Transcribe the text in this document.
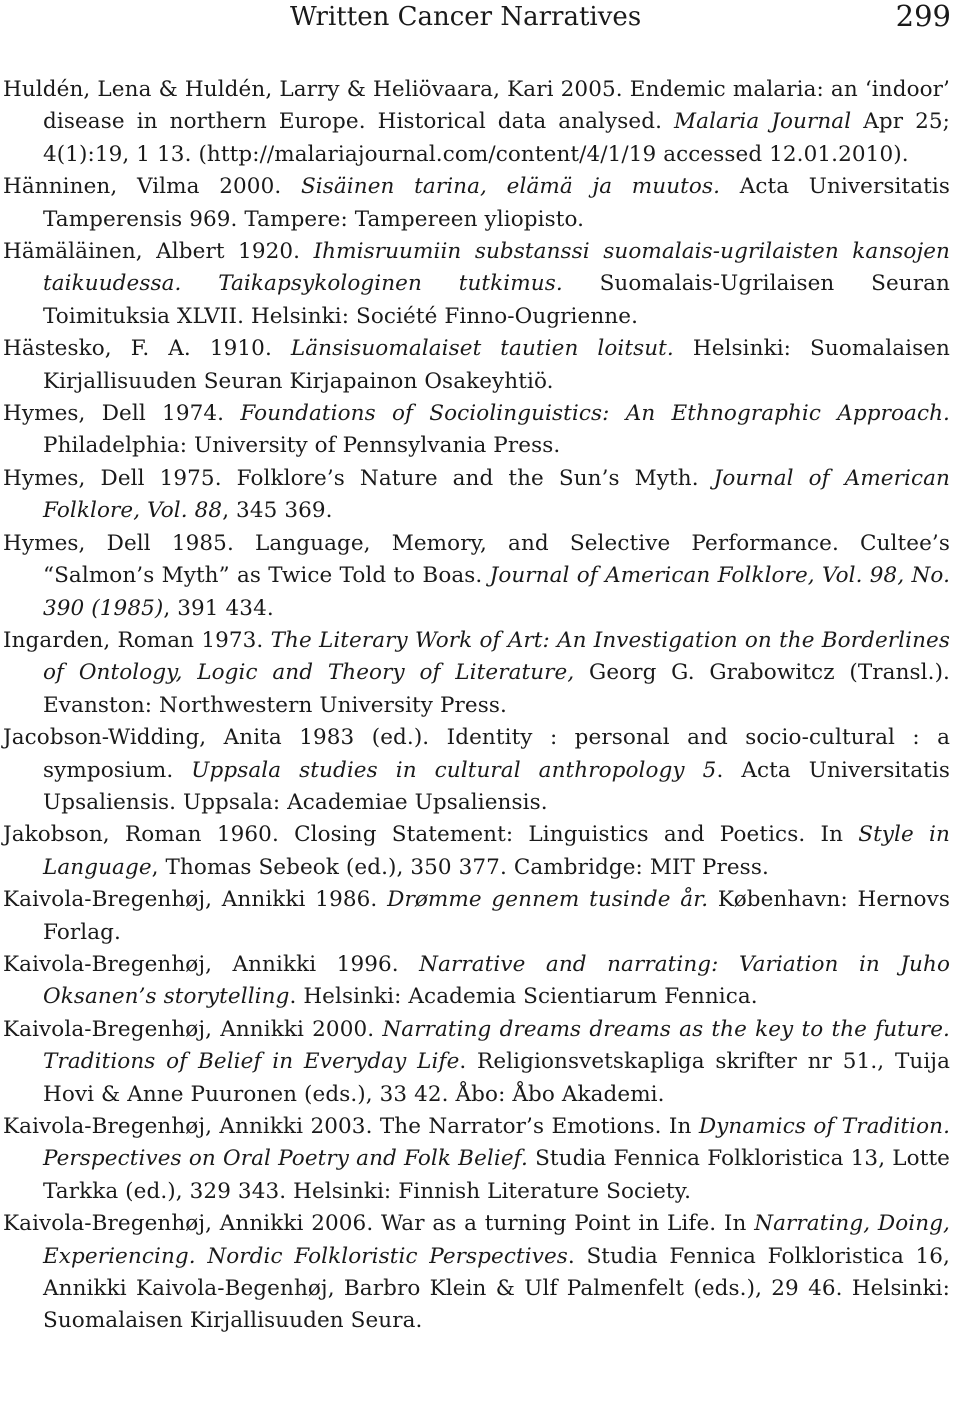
Written Cancer Narratives	299
Huldén, Lena & Huldén, Larry & Heliövaara, Kari 2005. Endemic malaria: an ‘indoor’ disease in northern Europe. Historical data analysed. Malaria Journal Apr 25; 4(1):19, 1 13. (http://malariajournal.com/content/4/1/19 accessed 12.01.2010).
Hänninen, Vilma 2000. Sisäinen tarina, elämä ja muutos. Acta Universitatis Tamperensis 969. Tampere: Tampereen yliopisto.
Hämäläinen, Albert 1920. Ihmisruumiin substanssi suomalais-ugrilaisten kansojen taikuudessa. Taikapsykologinen tutkimus. Suomalais-Ugrilaisen Seuran Toimituksia XLVII. Helsinki: Société Finno-Ougrienne.
Hästesko, F. A. 1910. Länsisuomalaiset tautien loitsut. Helsinki: Suomalaisen Kirjallisuuden Seuran Kirjapainon Osakeyhtiö.
Hymes, Dell 1974. Foundations of Sociolinguistics: An Ethnographic Approach. Philadelphia: University of Pennsylvania Press.
Hymes, Dell 1975. Folklore’s Nature and the Sun’s Myth. Journal of American Folklore, Vol. 88, 345 369.
Hymes, Dell 1985. Language, Memory, and Selective Performance. Cultee’s “Salmon’s Myth” as Twice Told to Boas. Journal of American Folklore, Vol. 98, No. 390 (1985), 391 434.
Ingarden, Roman 1973. The Literary Work of Art: An Investigation on the Borderlines of Ontology, Logic and Theory of Literature, Georg G. Grabowitcz (Transl.). Evanston: Northwestern University Press.
Jacobson-Widding, Anita 1983 (ed.). Identity : personal and socio-cultural : a symposium. Uppsala studies in cultural anthropology 5. Acta Universitatis Upsaliensis. Uppsala: Academiae Upsaliensis.
Jakobson, Roman 1960. Closing Statement: Linguistics and Poetics. In Style in Language, Thomas Sebeok (ed.), 350 377. Cambridge: MIT Press.
Kaivola-Bregenhøj, Annikki 1986. Drømme gennem tusinde år. København: Hernovs Forlag.
Kaivola-Bregenhøj, Annikki 1996. Narrative and narrating: Variation in Juho Oksanen’s storytelling. Helsinki: Academia Scientiarum Fennica.
Kaivola-Bregenhøj, Annikki 2000. Narrating dreams dreams as the key to the future. Traditions of Belief in Everyday Life. Religionsvetskapliga skrifter nr 51., Tuija Hovi & Anne Puuronen (eds.), 33 42. Åbo: Åbo Akademi.
Kaivola-Bregenhøj, Annikki 2003. The Narrator’s Emotions. In Dynamics of Tradition. Perspectives on Oral Poetry and Folk Belief. Studia Fennica Folkloristica 13, Lotte Tarkka (ed.), 329 343. Helsinki: Finnish Literature Society.
Kaivola-Bregenhøj, Annikki 2006. War as a turning Point in Life. In Narrating, Doing, Experiencing. Nordic Folkloristic Perspectives. Studia Fennica Folkloristica 16, Annikki Kaivola-Begenhøj, Barbro Klein & Ulf Palmenfelt (eds.), 29 46. Helsinki: Suomalaisen Kirjallisuuden Seura.
